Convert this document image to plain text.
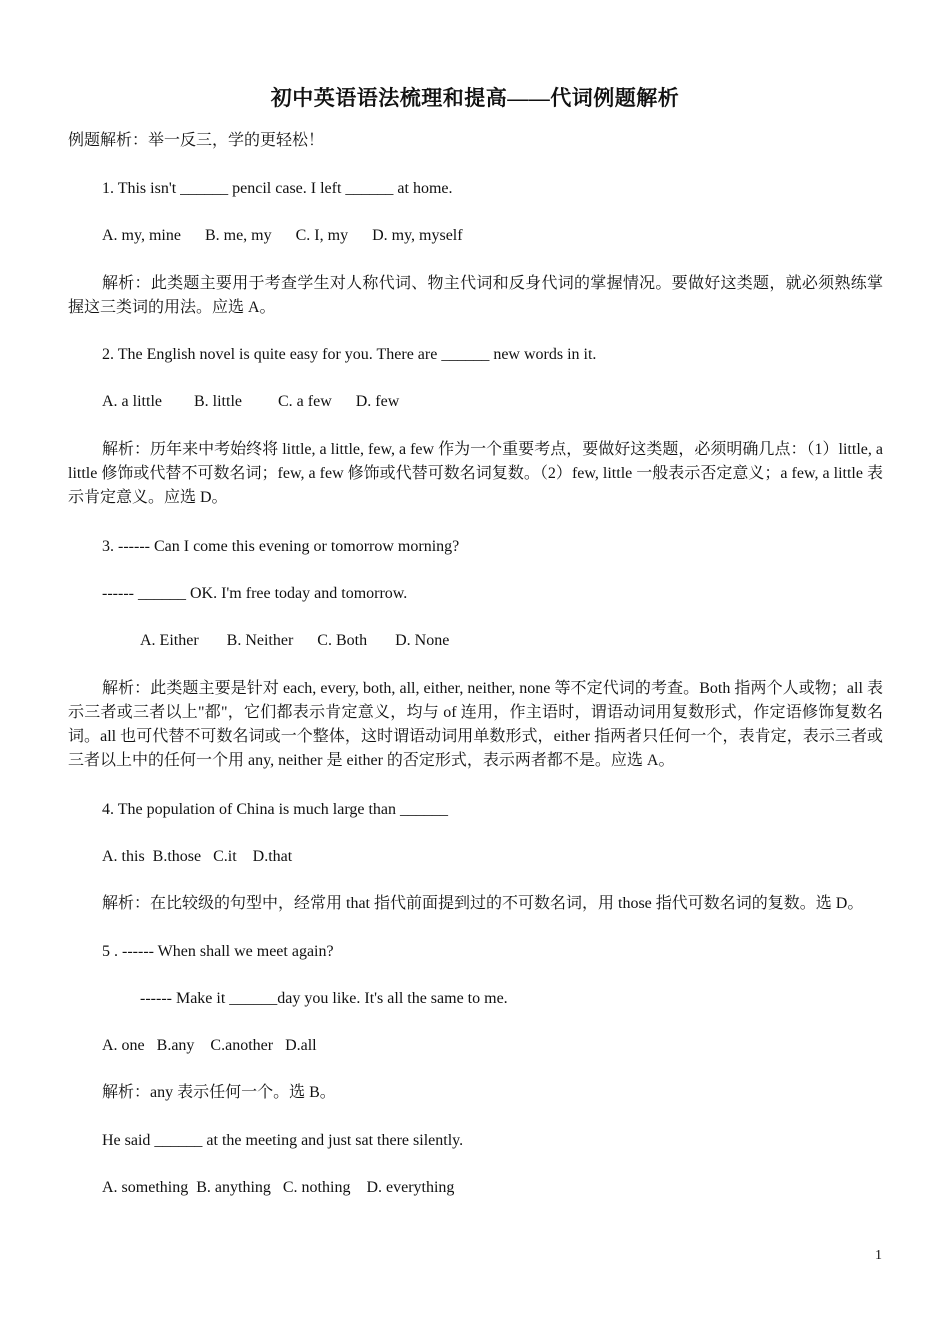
初中英语语法梳理和提高——代词例题解析
例题解析：举一反三，学的更轻松！
1. This isn't ______ pencil case. I left ______ at home.
A. my, mine      B. me, my      C. I, my      D. my, myself
解析：此类题主要用于考查学生对人称代词、物主代词和反身代词的掌握情况。要做好这类题，就必须熟练掌握这三类词的用法。应选 A。
2. The English novel is quite easy for you. There are ______ new words in it.
A. a little        B. little         C. a few      D. few
解析：历年来中考始终将 little, a little, few, a few 作为一个重要考点，要做好这类题，必须明确几点：（1）little, a little 修饰或代替不可数名词；few, a few 修饰或代替可数名词复数。（2）few, little 一般表示否定意义；a few, a little 表示肯定意义。应选 D。
3. ------ Can I come this evening or tomorrow morning?
------ ______ OK. I'm free today and tomorrow.
A. Either       B. Neither      C. Both       D. None
解析：此类题主要是针对 each, every, both, all, either, neither, none 等不定代词的考查。Both 指两个人或物；all 表示三者或三者以上"都"，它们都表示肯定意义，均与 of 连用，作主语时，谓语动词用复数形式，作定语修饰复数名词。all 也可代替不可数名词或一个整体，这时谓语动词用单数形式，either 指两者只任何一个，表肯定，表示三者或三者以上中的任何一个用 any, neither 是 either 的否定形式，表示两者都不是。应选 A。
4. The population of China is much large than ______
A. this  B.those   C.it    D.that
解析：在比较级的句型中，经常用 that 指代前面提到过的不可数名词，用 those 指代可数名词的复数。选 D。
5 . ------ When shall we meet again?
------ Make it ______day you like. It's all the same to me.
A. one   B.any    C.another   D.all
解析：any 表示任何一个。选 B。
He said ______ at the meeting and just sat there silently.
A. something  B. anything   C. nothing    D. everything
1
